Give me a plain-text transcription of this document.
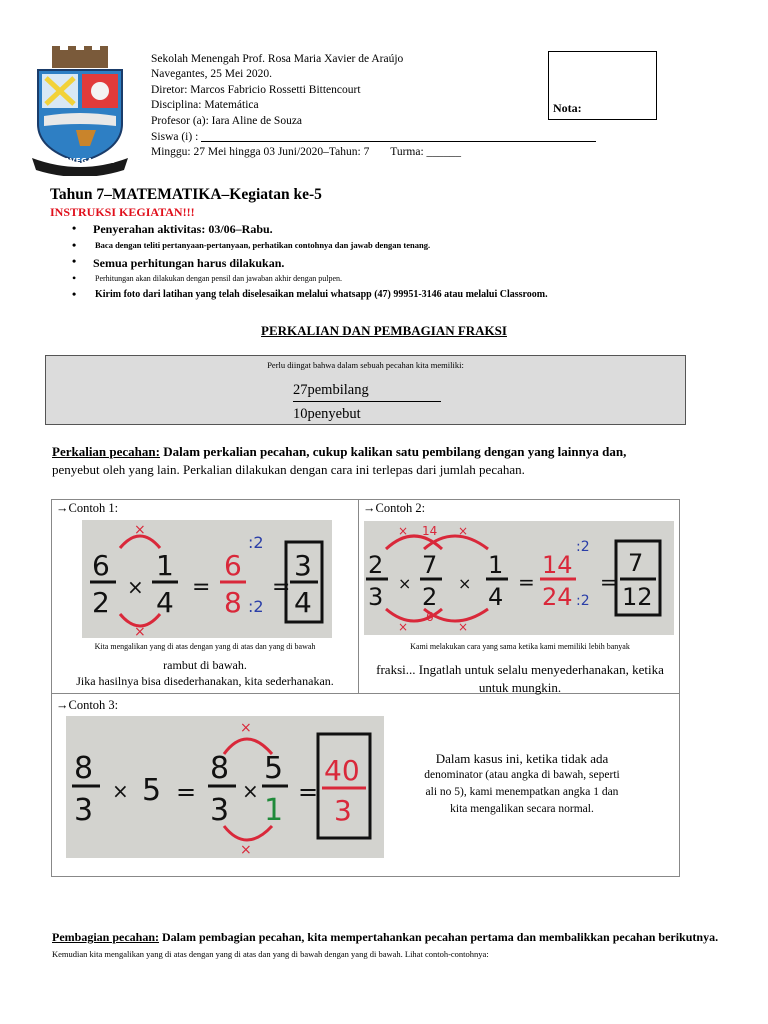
NAVEGANTES
Sekolah Menengah Prof. Rosa Maria Xavier de Araújo
Navegantes, 25 Mei 2020.
Diretor: Marcos Fabricio Rossetti Bittencourt
Disciplina: Matemática
Profesor (a): Iara Aline de Souza
Siswa (i) :
Minggu: 27 Mei hingga 03 Juni/2020–Tahun: 7 Turma: ______
Nota:
Tahun 7–MATEMATIKA–Kegiatan ke-5
INSTRUKSI KEGIATAN!!!
• Penyerahan aktivitas: 03/06–Rabu.
• Baca dengan teliti pertanyaan-pertanyaan, perhatikan contohnya dan jawab dengan tenang.
• Semua perhitungan harus dilakukan.
• Perhitungan akan dilakukan dengan pensil dan jawaban akhir dengan pulpen.
• Kirim foto dari latihan yang telah diselesaikan melalui whatsapp (47) 99951-3146 atau melalui Classroom.
PERKALIAN DAN PEMBAGIAN FRAKSI
Perlu diingat bahwa dalam sebuah pecahan kita memiliki:
27pembilang
10penyebut
Perkalian pecahan: Dalam perkalian pecahan, cukup kalikan satu pembilang dengan yang lainnya dan,
penyebut oleh yang lain. Perkalian dilakukan dengan cara ini terlepas dari jumlah pecahan.
→Contoh 1:
×
6
2 ×
1
4
×
=
6
8
:2
:2
=
3
4
Kita mengalikan yang di atas dengan yang di atas dan yang di bawah
rambut di bawah.
Jika hasilnya bisa disederhanakan, kita sederhanakan.
→Contoh 2:
× 14 ×
2
3 ×
7
2 ×
1
4
×
6
×
=
14
24
:2
:2
=
7
12
Kami melakukan cara yang sama ketika kami memiliki lebih banyak
fraksi... Ingatlah untuk selalu menyederhanakan, ketika
untuk mungkin.
→Contoh 3:
8
3
× 5 =
8
3
×
×
5
1
×
=
40
3
Dalam kasus ini, ketika tidak ada
denominator (atau angka di bawah, seperti
ali no 5), kami menempatkan angka 1 dan
kita mengalikan secara normal.
Pembagian pecahan: Dalam pembagian pecahan, kita mempertahankan pecahan pertama dan membalikkan pecahan berikutnya.
Kemudian kita mengalikan yang di atas dengan yang di atas dan yang di bawah dengan yang di bawah. Lihat contoh-contohnya:
